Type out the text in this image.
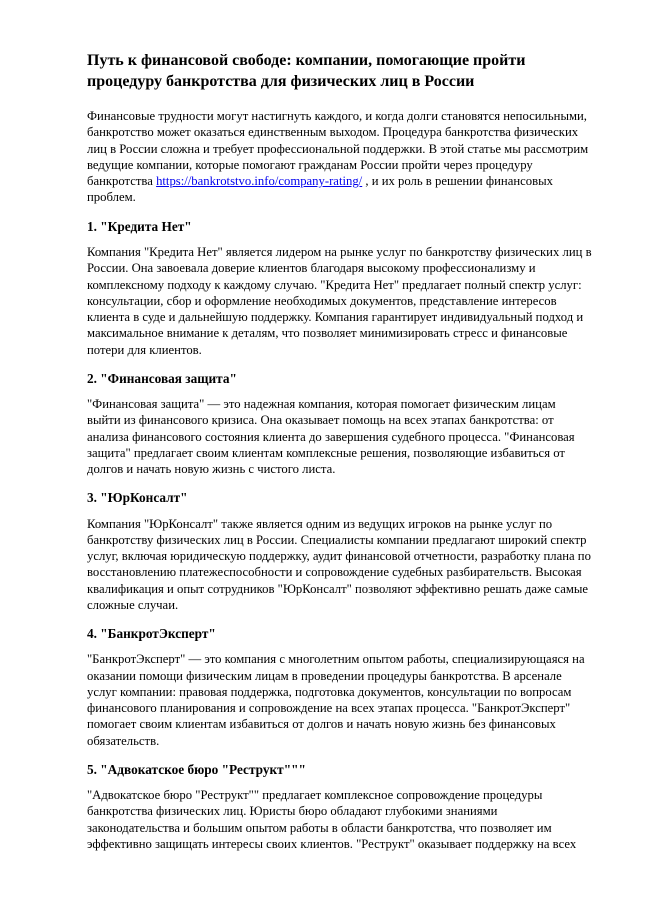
Путь к финансовой свободе: компании, помогающие пройти процедуру банкротства для физических лиц в России

Финансовые трудности могут настигнуть каждого, и когда долги становятся непосильными, банкротство может оказаться единственным выходом. Процедура банкротства физических лиц в России сложна и требует профессиональной поддержки. В этой статье мы рассмотрим ведущие компании, которые помогают гражданам России пройти через процедуру банкротства https://bankrotstvo.info/company-rating/ , и их роль в решении финансовых проблем.

1. "Кредита Нет"

Компания "Кредита Нет" является лидером на рынке услуг по банкротству физических лиц в России. Она завоевала доверие клиентов благодаря высокому профессионализму и комплексному подходу к каждому случаю. "Кредита Нет" предлагает полный спектр услуг: консультации, сбор и оформление необходимых документов, представление интересов клиента в суде и дальнейшую поддержку. Компания гарантирует индивидуальный подход и максимальное внимание к деталям, что позволяет минимизировать стресс и финансовые потери для клиентов.

2. "Финансовая защита"

"Финансовая защита" — это надежная компания, которая помогает физическим лицам выйти из финансового кризиса. Она оказывает помощь на всех этапах банкротства: от анализа финансового состояния клиента до завершения судебного процесса. "Финансовая защита" предлагает своим клиентам комплексные решения, позволяющие избавиться от долгов и начать новую жизнь с чистого листа.

3. "ЮрКонсалт"

Компания "ЮрКонсалт" также является одним из ведущих игроков на рынке услуг по банкротству физических лиц в России. Специалисты компании предлагают широкий спектр услуг, включая юридическую поддержку, аудит финансовой отчетности, разработку плана по восстановлению платежеспособности и сопровождение судебных разбирательств. Высокая квалификация и опыт сотрудников "ЮрКонсалт" позволяют эффективно решать даже самые сложные случаи.

4. "БанкротЭксперт"

"БанкротЭксперт" — это компания с многолетним опытом работы, специализирующаяся на оказании помощи физическим лицам в проведении процедуры банкротства. В арсенале услуг компании: правовая поддержка, подготовка документов, консультации по вопросам финансового планирования и сопровождение на всех этапах процесса. "БанкротЭксперт" помогает своим клиентам избавиться от долгов и начать новую жизнь без финансовых обязательств.

5. "Адвокатское бюро "Реструкт"""

"Адвокатское бюро "Реструкт"" предлагает комплексное сопровождение процедуры банкротства физических лиц. Юристы бюро обладают глубокими знаниями законодательства и большим опытом работы в области банкротства, что позволяет им эффективно защищать интересы своих клиентов. "Реструкт" оказывает поддержку на всех
